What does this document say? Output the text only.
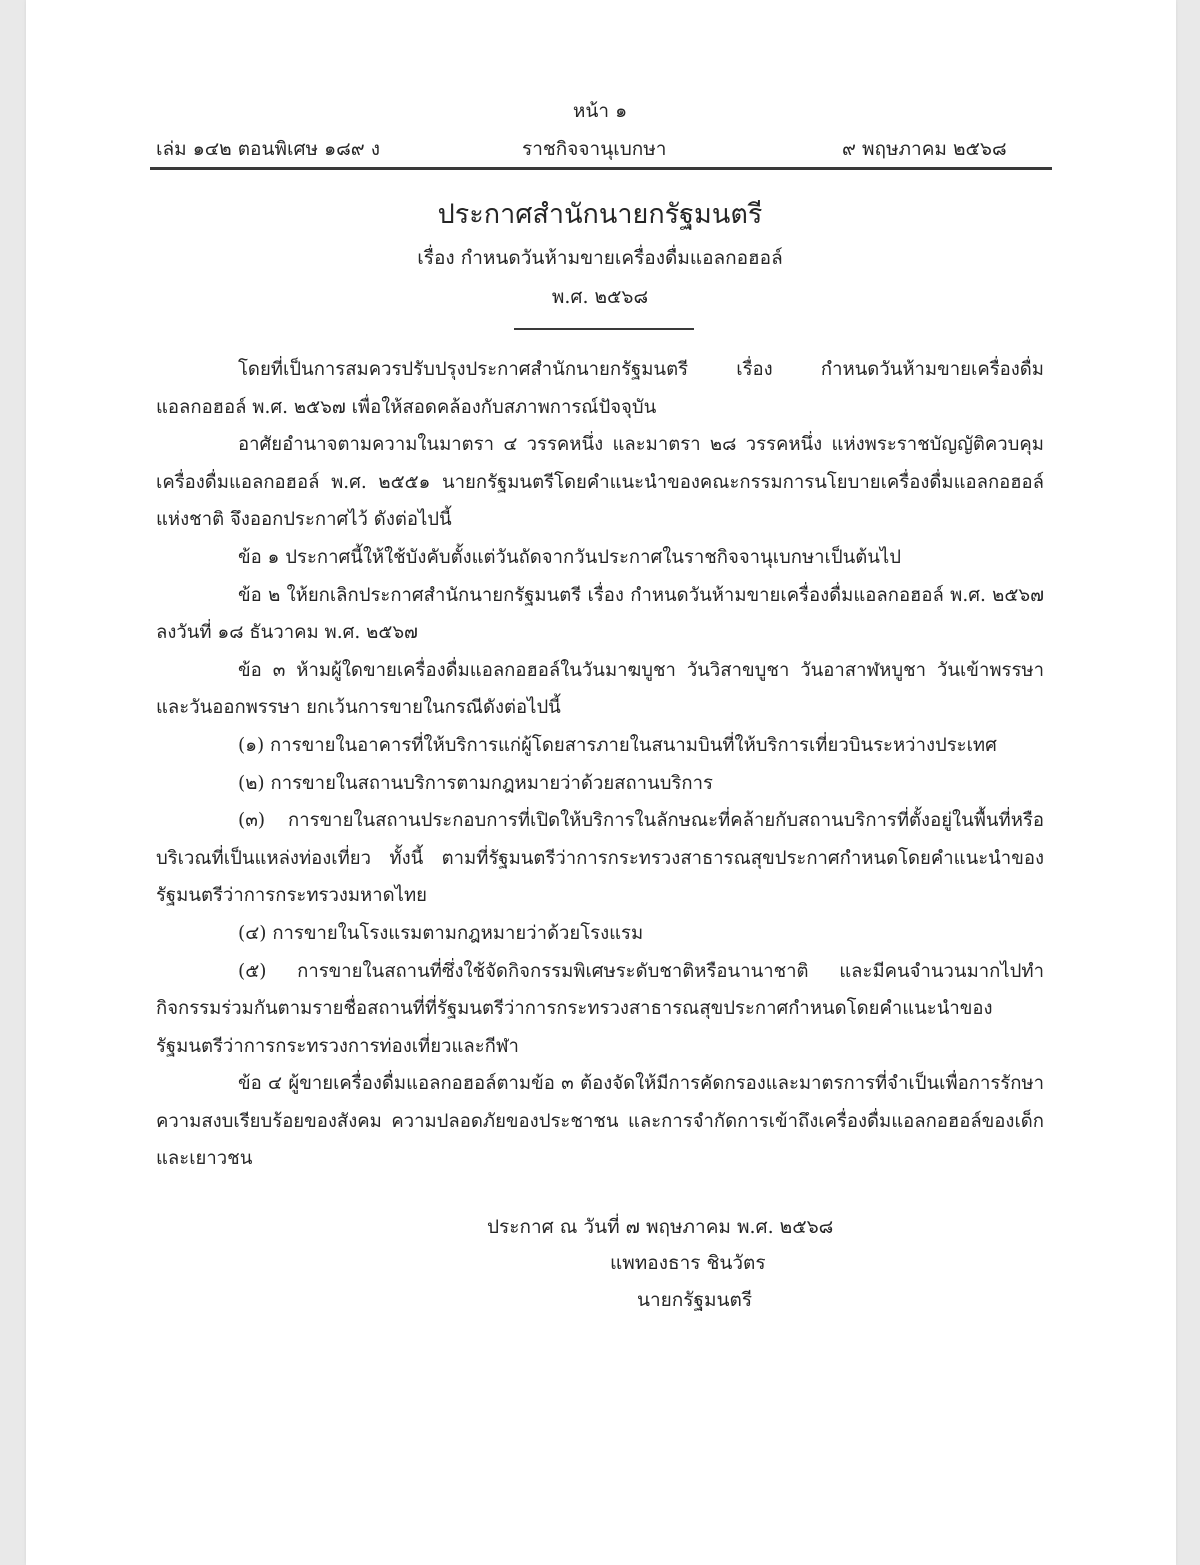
หน้า ๑
เล่ม ๑๔๒ ตอนพิเศษ ๑๘๙ ง	ราชกิจจานุเบกษา	๙ พฤษภาคม ๒๕๖๘
ประกาศสำนักนายกรัฐมนตรี
เรื่อง กำหนดวันห้ามขายเครื่องดื่มแอลกอฮอล์
พ.ศ. ๒๕๖๘

โดยที่เป็นการสมควรปรับปรุงประกาศสำนักนายกรัฐมนตรี เรื่อง กำหนดวันห้ามขายเครื่องดื่มแอลกอฮอล์ พ.ศ. ๒๕๖๗ เพื่อให้สอดคล้องกับสภาพการณ์ปัจจุบัน

อาศัยอำนาจตามความในมาตรา ๔ วรรคหนึ่ง และมาตรา ๒๘ วรรคหนึ่ง แห่งพระราชบัญญัติควบคุมเครื่องดื่มแอลกอฮอล์ พ.ศ. ๒๕๕๑ นายกรัฐมนตรีโดยคำแนะนำของคณะกรรมการนโยบายเครื่องดื่มแอลกอฮอล์แห่งชาติ จึงออกประกาศไว้ ดังต่อไปนี้

ข้อ ๑ ประกาศนี้ให้ใช้บังคับตั้งแต่วันถัดจากวันประกาศในราชกิจจานุเบกษาเป็นต้นไป

ข้อ ๒ ให้ยกเลิกประกาศสำนักนายกรัฐมนตรี เรื่อง กำหนดวันห้ามขายเครื่องดื่มแอลกอฮอล์ พ.ศ. ๒๕๖๗ ลงวันที่ ๑๘ ธันวาคม พ.ศ. ๒๕๖๗

ข้อ ๓ ห้ามผู้ใดขายเครื่องดื่มแอลกอฮอล์ในวันมาฆบูชา วันวิสาขบูชา วันอาสาฬหบูชา วันเข้าพรรษา และวันออกพรรษา ยกเว้นการขายในกรณีดังต่อไปนี้

(๑) การขายในอาคารที่ให้บริการแก่ผู้โดยสารภายในสนามบินที่ให้บริการเที่ยวบินระหว่างประเทศ

(๒) การขายในสถานบริการตามกฎหมายว่าด้วยสถานบริการ

(๓) การขายในสถานประกอบการที่เปิดให้บริการในลักษณะที่คล้ายกับสถานบริการที่ตั้งอยู่ในพื้นที่หรือบริเวณที่เป็นแหล่งท่องเที่ยว ทั้งนี้ ตามที่รัฐมนตรีว่าการกระทรวงสาธารณสุขประกาศกำหนดโดยคำแนะนำของรัฐมนตรีว่าการกระทรวงมหาดไทย

(๔) การขายในโรงแรมตามกฎหมายว่าด้วยโรงแรม

(๕) การขายในสถานที่ซึ่งใช้จัดกิจกรรมพิเศษระดับชาติหรือนานาชาติ และมีคนจำนวนมากไปทำกิจกรรมร่วมกันตามรายชื่อสถานที่ที่รัฐมนตรีว่าการกระทรวงสาธารณสุขประกาศกำหนดโดยคำแนะนำของรัฐมนตรีว่าการกระทรวงการท่องเที่ยวและกีฬา

ข้อ ๔ ผู้ขายเครื่องดื่มแอลกอฮอล์ตามข้อ ๓ ต้องจัดให้มีการคัดกรองและมาตรการที่จำเป็นเพื่อการรักษาความสงบเรียบร้อยของสังคม ความปลอดภัยของประชาชน และการจำกัดการเข้าถึงเครื่องดื่มแอลกอฮอล์ของเด็กและเยาวชน

ประกาศ ณ วันที่ ๗ พฤษภาคม พ.ศ. ๒๕๖๘
แพทองธาร ชินวัตร
นายกรัฐมนตรี
